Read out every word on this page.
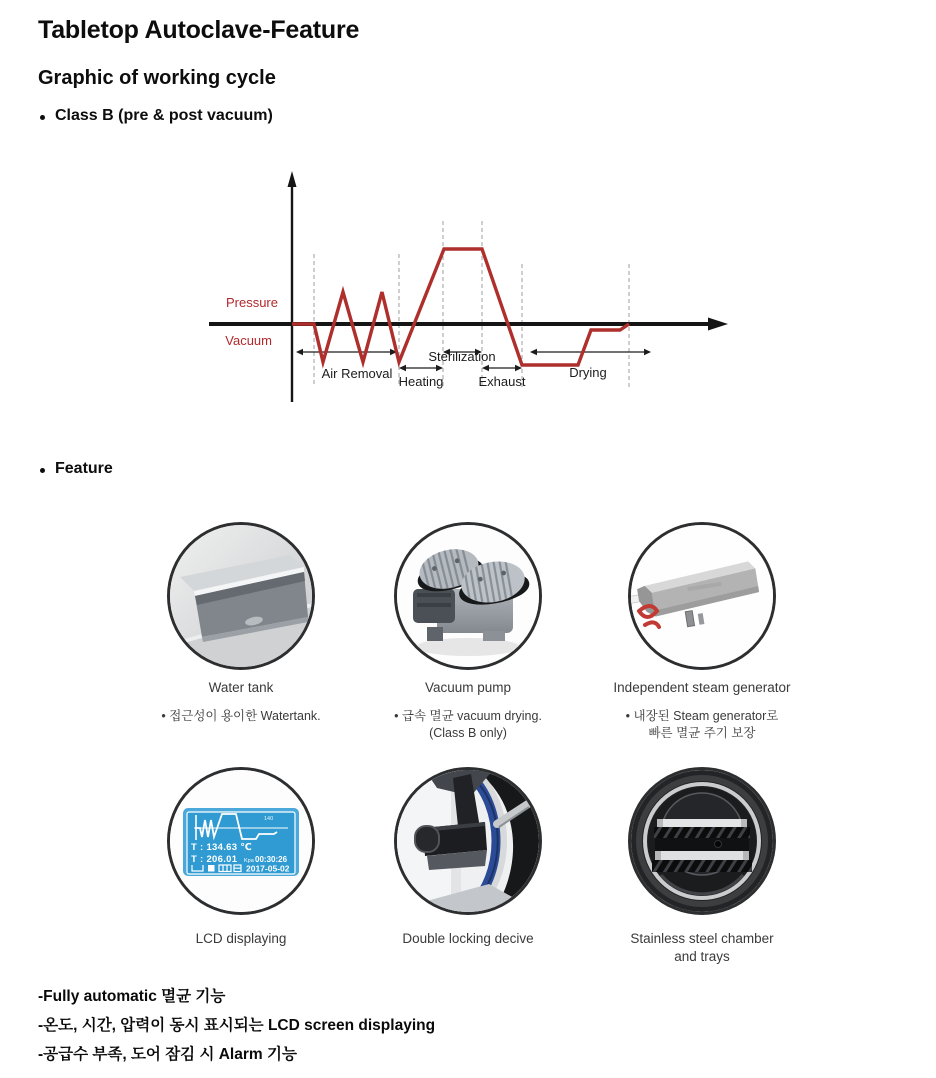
Tabletop Autoclave-Feature
Graphic of working cycle
Class B (pre & post vacuum)
Air Removal
Heating
Sterilization
Exhaust
Drying
Pressure
Vacuum
Feature
Water tank
• 접근성이 용이한 Watertank.
Vacuum pump
• 급속 멸균 vacuum drying.
(Class B only)
Independent steam generator
• 내장된 Steam generator로
빠른 멸균 주기 보장
140
T : 134.63 ℃
T : 206.01 Kpa 00:30:26
2017-05-02
LCD displaying	Double locking decive	Stainless steel chamber
and trays
-Fully automatic 멸균 기능
-온도, 시간, 압력이 동시 표시되는 LCD screen displaying
-공급수 부족, 도어 잠김 시 Alarm 기능
